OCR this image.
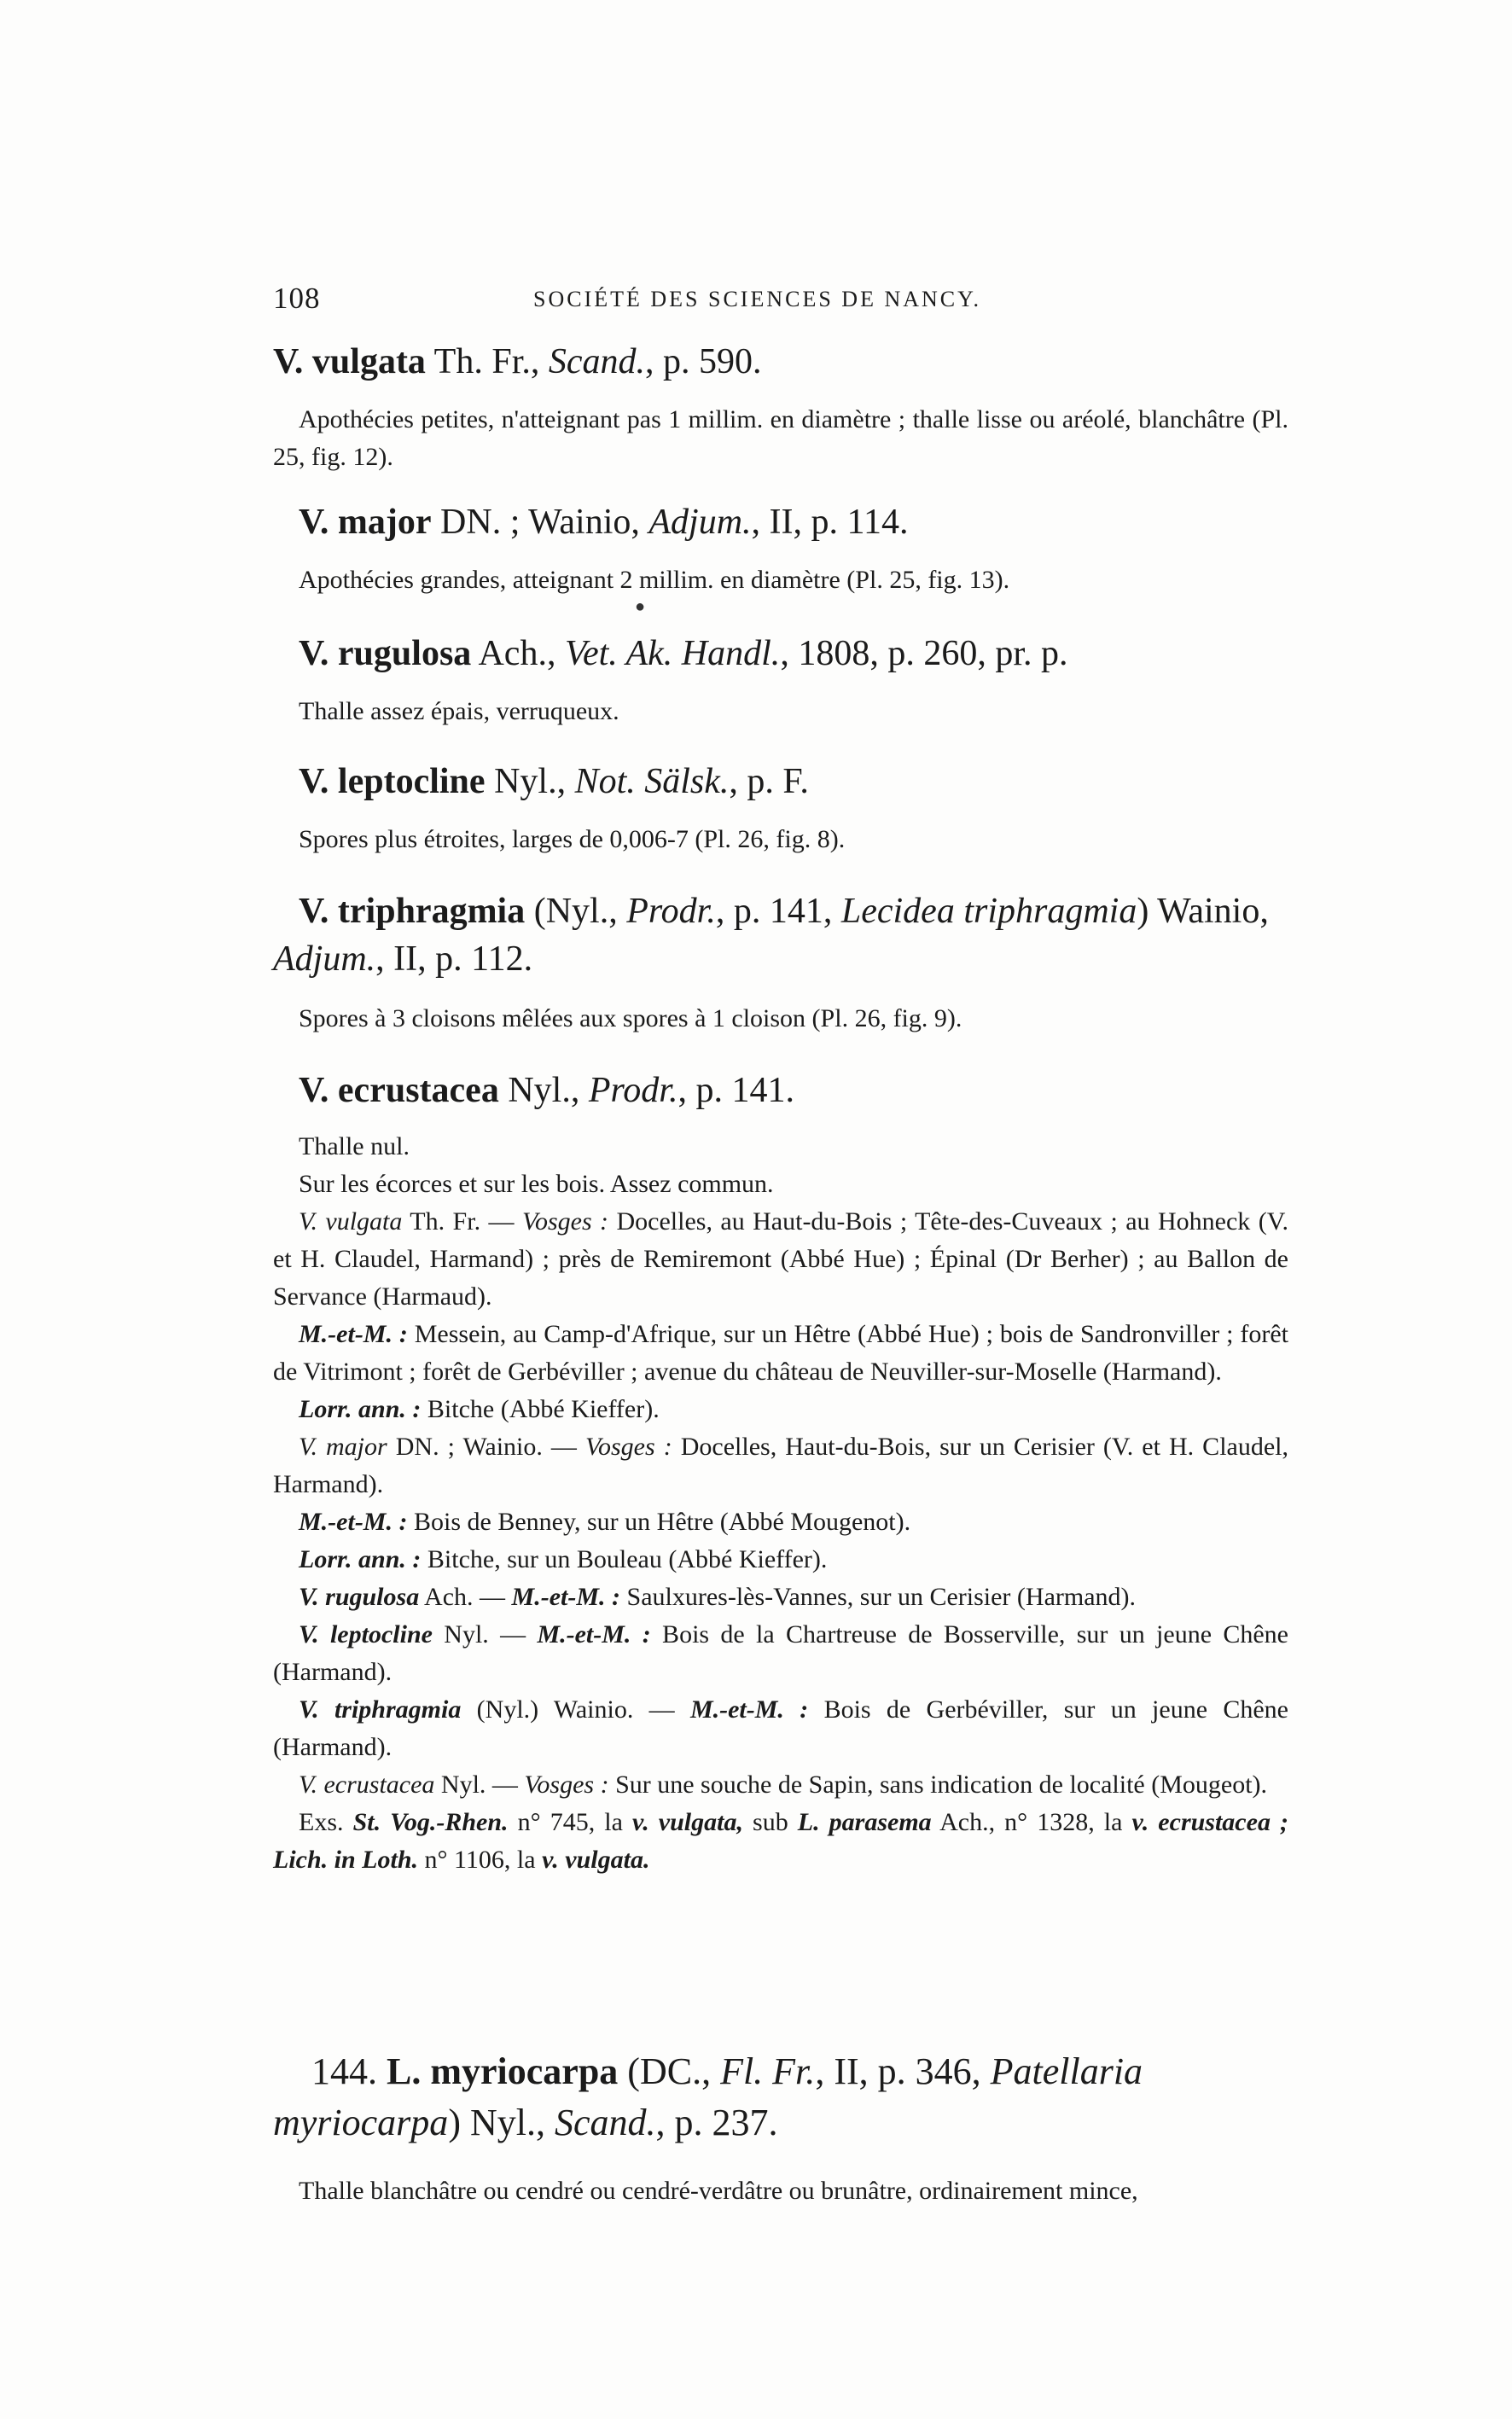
108	SOCIÉTÉ DES SCIENCES DE NANCY.
V. vulgata Th. Fr., Scand., p. 590.

Apothécies petites, n'atteignant pas 1 millim. en diamètre ; thalle lisse ou aréolé, blanchâtre (Pl. 25, fig. 12).

V. major DN. ; Wainio, Adjum., II, p. 114.

Apothécies grandes, atteignant 2 millim. en diamètre (Pl. 25, fig. 13).

●
V. rugulosa Ach., Vet. Ak. Handl., 1808, p. 260, pr. p.

Thalle assez épais, verruqueux.

V. leptocline Nyl., Not. Sälsk., p. F.

Spores plus étroites, larges de 0,006-7 (Pl. 26, fig. 8).

V. triphragmia (Nyl., Prodr., p. 141, Lecidea triphragmia) Wainio, Adjum., II, p. 112.

Spores à 3 cloisons mêlées aux spores à 1 cloison (Pl. 26, fig. 9).

V. ecrustacea Nyl., Prodr., p. 141.

Thalle nul.

Sur les écorces et sur les bois. Assez commun.

V. vulgata Th. Fr. — Vosges : Docelles, au Haut-du-Bois ; Tête-des-Cuveaux ; au Hohneck (V. et H. Claudel, Harmand) ; près de Remiremont (Abbé Hue) ; Épinal (Dr Berher) ; au Ballon de Servance (Harmaud).

M.-et-M. : Messein, au Camp-d'Afrique, sur un Hêtre (Abbé Hue) ; bois de Sandronviller ; forêt de Vitrimont ; forêt de Gerbéviller ; avenue du château de Neuviller-sur-Moselle (Harmand).

Lorr. ann. : Bitche (Abbé Kieffer).

V. major DN. ; Wainio. — Vosges : Docelles, Haut-du-Bois, sur un Cerisier (V. et H. Claudel, Harmand).

M.-et-M. : Bois de Benney, sur un Hêtre (Abbé Mougenot).

Lorr. ann. : Bitche, sur un Bouleau (Abbé Kieffer).

V. rugulosa Ach. — M.-et-M. : Saulxures-lès-Vannes, sur un Cerisier (Harmand).

V. leptocline Nyl. — M.-et-M. : Bois de la Chartreuse de Bosserville, sur un jeune Chêne (Harmand).

V. triphragmia (Nyl.) Wainio. — M.-et-M. : Bois de Gerbéviller, sur un jeune Chêne (Harmand).

V. ecrustacea Nyl. — Vosges : Sur une souche de Sapin, sans indication de localité (Mougeot).

Exs. St. Vog.-Rhen. n° 745, la v. vulgata, sub L. parasema Ach., n° 1328, la v. ecrustacea ; Lich. in Loth. n° 1106, la v. vulgata.

144. L. myriocarpa (DC., Fl. Fr., II, p. 346, Patellaria myriocarpa) Nyl., Scand., p. 237.

Thalle blanchâtre ou cendré ou cendré-verdâtre ou brunâtre, ordinairement mince,
